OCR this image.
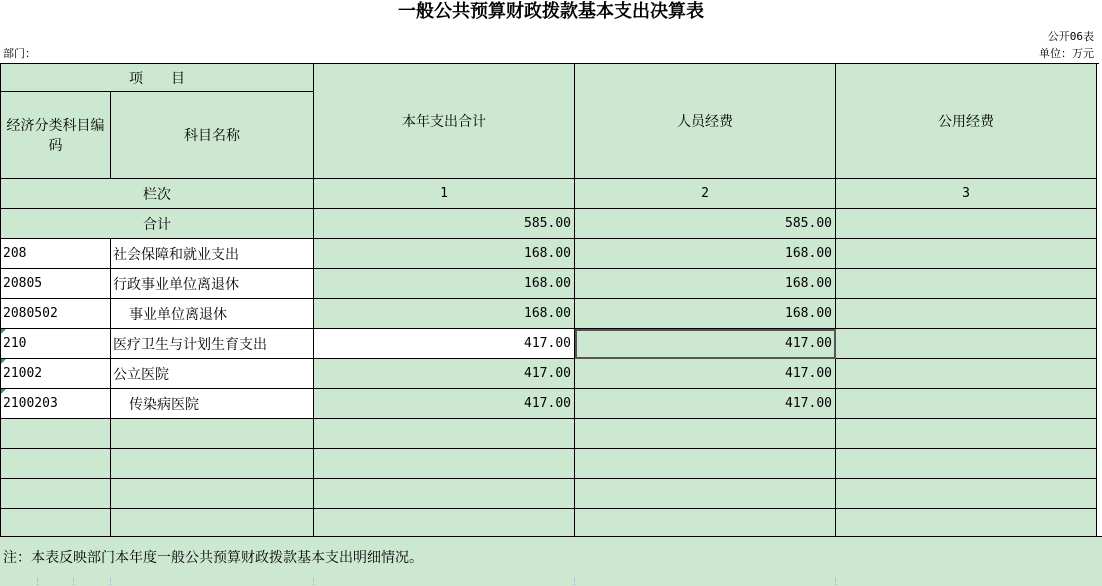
一般公共预算财政拨款基本支出决算表
公开06表
部门：	单位：万元
项　　目
经济分类科目编码
科目名称
本年支出合计	人员经费	公用经费
栏次	1	2	3
合计	585.00	585.00
208	社会保障和就业支出	168.00	168.00
20805	行政事业单位离退休	168.00	168.00
2080502	事业单位离退休	168.00	168.00
210	医疗卫生与计划生育支出	417.00	417.00
21002	公立医院	417.00	417.00
2100203	传染病医院	417.00	417.00
注：本表反映部门本年度一般公共预算财政拨款基本支出明细情况。
